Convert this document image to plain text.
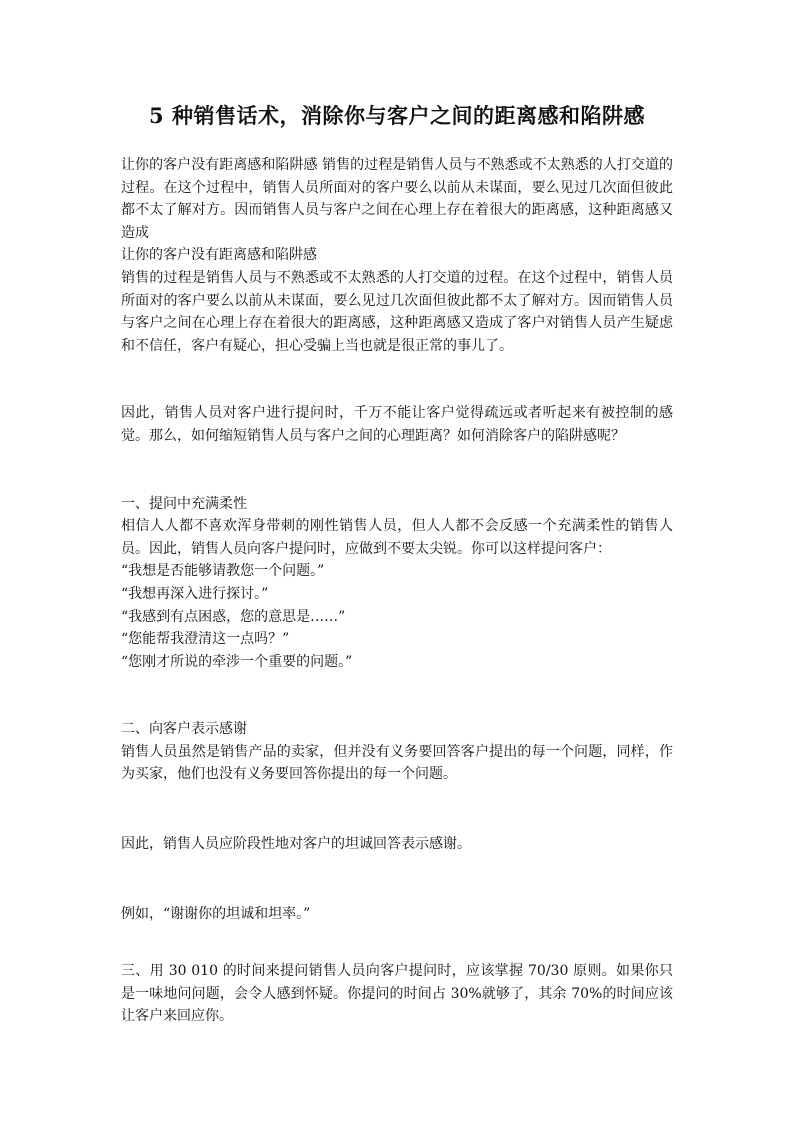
5 种销售话术，消除你与客户之间的距离感和陷阱感

让你的客户没有距离感和陷阱感 销售的过程是销售人员与不熟悉或不太熟悉的人打交道的过程。在这个过程中，销售人员所面对的客户要么以前从未谋面，要么见过几次面但彼此都不太了解对方。因而销售人员与客户之间在心理上存在着很大的距离感，这种距离感又造成

让你的客户没有距离感和陷阱感

销售的过程是销售人员与不熟悉或不太熟悉的人打交道的过程。在这个过程中，销售人员所面对的客户要么以前从未谋面，要么见过几次面但彼此都不太了解对方。因而销售人员与客户之间在心理上存在着很大的距离感，这种距离感又造成了客户对销售人员产生疑虑和不信任，客户有疑心，担心受骗上当也就是很正常的事儿了。

因此，销售人员对客户进行提问时，千万不能让客户觉得疏远或者听起来有被控制的感觉。那么，如何缩短销售人员与客户之间的心理距离？如何消除客户的陷阱感呢？

一、提问中充满柔性

相信人人都不喜欢浑身带刺的刚性销售人员，但人人都不会反感一个充满柔性的销售人员。因此，销售人员向客户提问时，应做到不要太尖锐。你可以这样提问客户：

“我想是否能够请教您一个问题。”

“我想再深入进行探讨。”

“我感到有点困惑，您的意思是……”

“您能帮我澄清这一点吗？”

“您刚才所说的牵涉一个重要的问题。”

二、向客户表示感谢

销售人员虽然是销售产品的卖家，但并没有义务要回答客户提出的每一个问题，同样，作为买家，他们也没有义务要回答你提出的每一个问题。

因此，销售人员应阶段性地对客户的坦诚回答表示感谢。

例如，“谢谢你的坦诚和坦率。”

三、用 30 010 的时间来提问销售人员向客户提问时，应该掌握 70/30 原则。如果你只是一味地问问题，会令人感到怀疑。你提问的时间占 30%就够了，其余 70%的时间应该让客户来回应你。
